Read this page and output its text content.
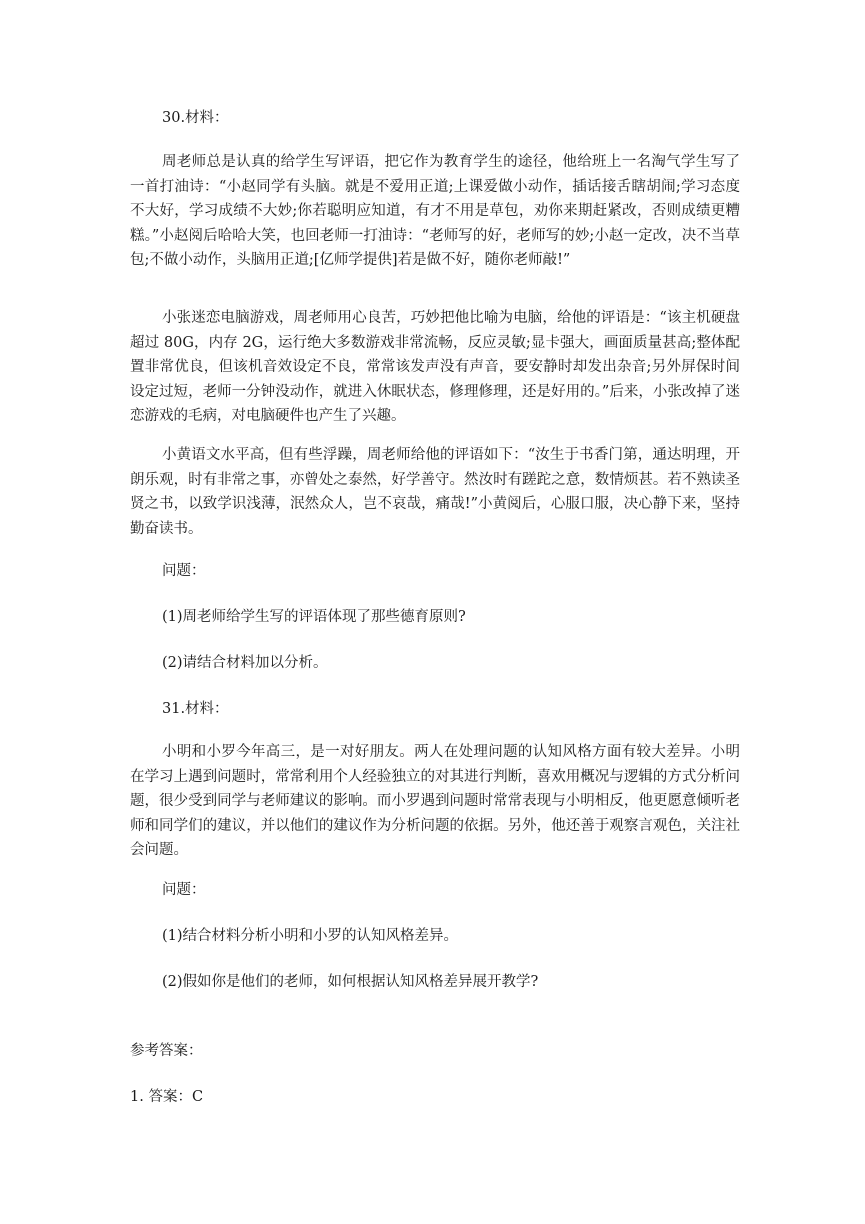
30.材料：

周老师总是认真的给学生写评语，把它作为教育学生的途径，他给班上一名淘气学生写了一首打油诗：“小赵同学有头脑。就是不爱用正道;上课爱做小动作，插话接舌瞎胡闹;学习态度不大好，学习成绩不大妙;你若聪明应知道，有才不用是草包，劝你来期赶紧改，否则成绩更糟糕。”小赵阅后哈哈大笑，也回老师一打油诗：“老师写的好，老师写的妙;小赵一定改，决不当草包;不做小动作，头脑用正道;[亿师学提供]若是做不好，随你老师敲!”

小张迷恋电脑游戏，周老师用心良苦，巧妙把他比喻为电脑，给他的评语是：“该主机硬盘超过 80G，内存 2G，运行绝大多数游戏非常流畅，反应灵敏;显卡强大，画面质量甚高;整体配置非常优良，但该机音效设定不良，常常该发声没有声音，要安静时却发出杂音;另外屏保时间设定过短，老师一分钟没动作，就进入休眠状态，修理修理，还是好用的。”后来，小张改掉了迷恋游戏的毛病，对电脑硬件也产生了兴趣。

小黄语文水平高，但有些浮躁，周老师给他的评语如下：“汝生于书香门第，通达明理，开朗乐观，时有非常之事，亦曾处之泰然，好学善守。然汝时有蹉跎之意，数情烦甚。若不熟读圣贤之书，以致学识浅薄，泯然众人，岂不哀哉，痛哉!”小黄阅后，心服口服，决心静下来，坚持勤奋读书。

问题：

(1)周老师给学生写的评语体现了那些德育原则?

(2)请结合材料加以分析。

31.材料：

小明和小罗今年高三，是一对好朋友。两人在处理问题的认知风格方面有较大差异。小明在学习上遇到问题时，常常利用个人经验独立的对其进行判断，喜欢用概况与逻辑的方式分析问题，很少受到同学与老师建议的影响。而小罗遇到问题时常常表现与小明相反，他更愿意倾听老师和同学们的建议，并以他们的建议作为分析问题的依据。另外，他还善于观察言观色，关注社会问题。

问题：

(1)结合材料分析小明和小罗的认知风格差异。

(2)假如你是他们的老师，如何根据认知风格差异展开教学?

参考答案：

1. 答案：C
